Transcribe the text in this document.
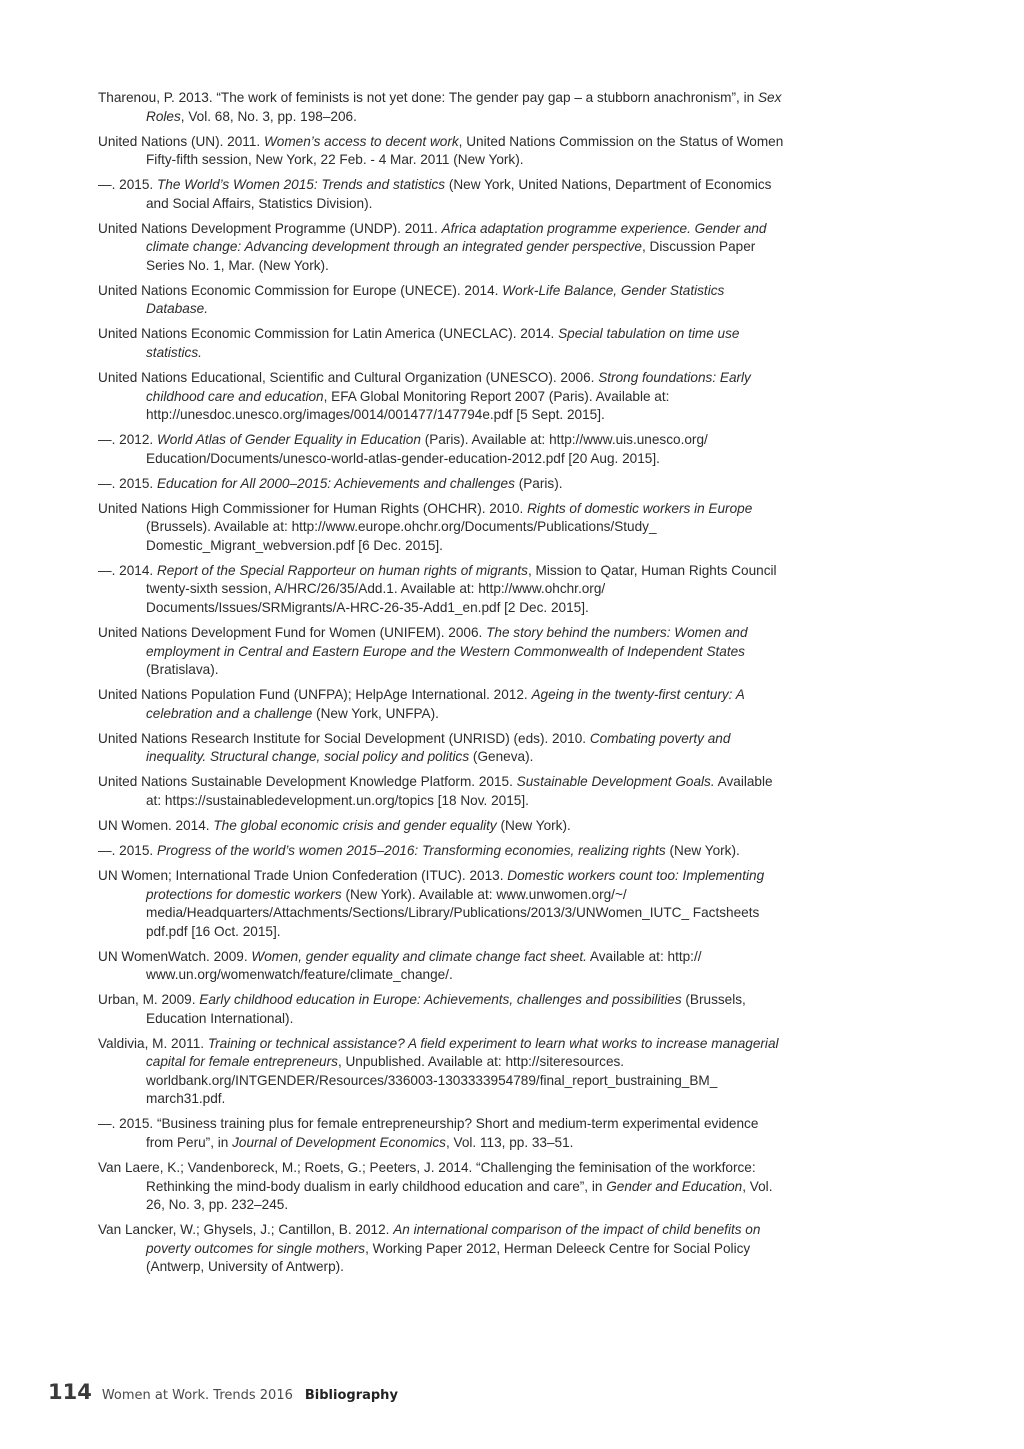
Tharenou, P. 2013. “The work of feminists is not yet done: The gender pay gap – a stubborn anachronism”, in Sex Roles, Vol. 68, No. 3, pp. 198–206.
United Nations (UN). 2011. Women’s access to decent work, United Nations Commission on the Status of Women Fifty-fifth session, New York, 22 Feb. - 4 Mar. 2011 (New York).
—. 2015. The World’s Women 2015: Trends and statistics (New York, United Nations, Department of Economics and Social Affairs, Statistics Division).
United Nations Development Programme (UNDP). 2011. Africa adaptation programme experience. Gender and climate change: Advancing development through an integrated gender perspective, Discussion Paper Series No. 1, Mar. (New York).
United Nations Economic Commission for Europe (UNECE). 2014. Work-Life Balance, Gender Statistics Database.
United Nations Economic Commission for Latin America (UNECLAC). 2014. Special tabulation on time use statistics.
United Nations Educational, Scientific and Cultural Organization (UNESCO). 2006. Strong foundations: Early childhood care and education, EFA Global Monitoring Report 2007 (Paris). Available at: http://unesdoc.unesco.org/images/0014/001477/147794e.pdf [5 Sept. 2015].
—. 2012. World Atlas of Gender Equality in Education (Paris). Available at: http://www.uis.unesco.org/ Education/Documents/unesco-world-atlas-gender-education-2012.pdf [20 Aug. 2015].
—. 2015. Education for All 2000–2015: Achievements and challenges (Paris).
United Nations High Commissioner for Human Rights (OHCHR). 2010. Rights of domestic workers in Europe (Brussels). Available at: http://www.europe.ohchr.org/Documents/Publications/Study_ Domestic_Migrant_webversion.pdf [6 Dec. 2015].
—. 2014. Report of the Special Rapporteur on human rights of migrants, Mission to Qatar, Human Rights Council twenty-sixth session, A/HRC/26/35/Add.1. Available at: http://www.ohchr.org/ Documents/Issues/SRMigrants/A-HRC-26-35-Add1_en.pdf [2 Dec. 2015].
United Nations Development Fund for Women (UNIFEM). 2006. The story behind the numbers: Women and employment in Central and Eastern Europe and the Western Commonwealth of Independent States (Bratislava).
United Nations Population Fund (UNFPA); HelpAge International. 2012. Ageing in the twenty-first century: A celebration and a challenge (New York, UNFPA).
United Nations Research Institute for Social Development (UNRISD) (eds). 2010. Combating poverty and inequality. Structural change, social policy and politics (Geneva).
United Nations Sustainable Development Knowledge Platform. 2015. Sustainable Development Goals. Available at: https://sustainabledevelopment.un.org/topics [18 Nov. 2015].
UN Women. 2014. The global economic crisis and gender equality (New York).
—. 2015. Progress of the world’s women 2015–2016: Transforming economies, realizing rights (New York).
UN Women; International Trade Union Confederation (ITUC). 2013. Domestic workers count too: Implementing protections for domestic workers (New York). Available at: www.unwomen.org/~/ media/Headquarters/Attachments/Sections/Library/Publications/2013/3/UNWomen_IUTC_ Factsheets pdf.pdf [16 Oct. 2015].
UN WomenWatch. 2009. Women, gender equality and climate change fact sheet. Available at: http:// www.un.org/womenwatch/feature/climate_change/.
Urban, M. 2009. Early childhood education in Europe: Achievements, challenges and possibilities (Brussels, Education International).
Valdivia, M. 2011. Training or technical assistance? A field experiment to learn what works to increase managerial capital for female entrepreneurs, Unpublished. Available at: http://siteresources. worldbank.org/INTGENDER/Resources/336003-1303333954789/final_report_bustraining_BM_ march31.pdf.
—. 2015. “Business training plus for female entrepreneurship? Short and medium-term experimental evidence from Peru”, in Journal of Development Economics, Vol. 113, pp. 33–51.
Van Laere, K.; Vandenboreck, M.; Roets, G.; Peeters, J. 2014. “Challenging the feminisation of the workforce: Rethinking the mind-body dualism in early childhood education and care”, in Gender and Education, Vol. 26, No. 3, pp. 232–245.
Van Lancker, W.; Ghysels, J.; Cantillon, B. 2012. An international comparison of the impact of child benefits on poverty outcomes for single mothers, Working Paper 2012, Herman Deleeck Centre for Social Policy (Antwerp, University of Antwerp).
114 Women at Work. Trends 2016 Bibliography
